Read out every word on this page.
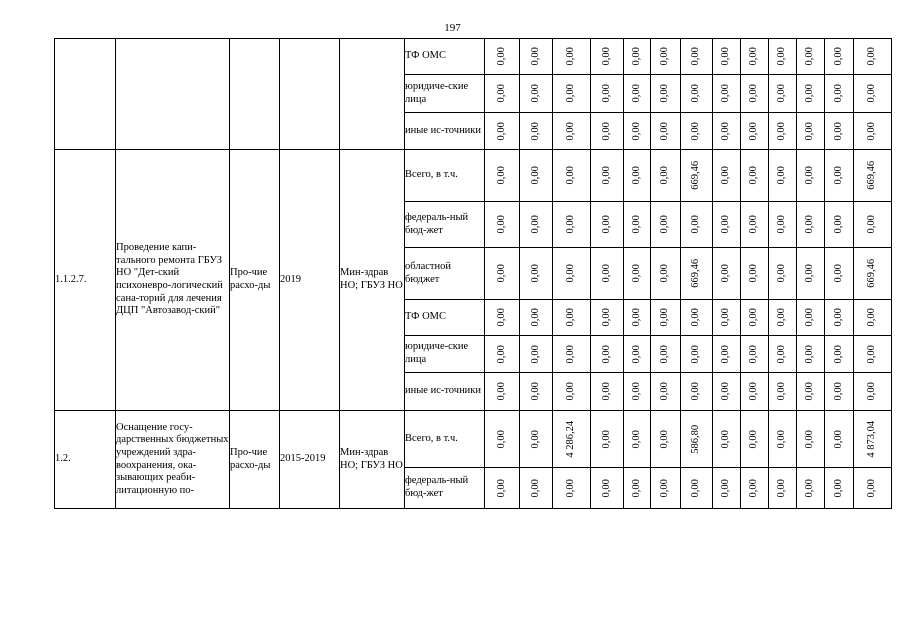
197
					ТФ ОМС	0,00	0,00	0,00	0,00	0,00	0,00	0,00	0,00	0,00	0,00	0,00	0,00	0,00
					юридиче-ские лица	0,00	0,00	0,00	0,00	0,00	0,00	0,00	0,00	0,00	0,00	0,00	0,00	0,00
					иные ис-точники	0,00	0,00	0,00	0,00	0,00	0,00	0,00	0,00	0,00	0,00	0,00	0,00	0,00
1.1.2.7.	Проведение капи-тального ремонта ГБУЗ НО "Дет-ский психоневро-логический сана-торий для лечения ДЦП "Автозавод-ский"	Про-чие расхо-ды	2019	Мин-здрав НО; ГБУЗ НО	Всего, в т.ч.	0,00	0,00	0,00	0,00	0,00	0,00	669,46	0,00	0,00	0,00	0,00	0,00	669,46
					федераль-ный бюд-жет	0,00	0,00	0,00	0,00	0,00	0,00	0,00	0,00	0,00	0,00	0,00	0,00	0,00
					областной бюджет	0,00	0,00	0,00	0,00	0,00	0,00	669,46	0,00	0,00	0,00	0,00	0,00	669,46
					ТФ ОМС	0,00	0,00	0,00	0,00	0,00	0,00	0,00	0,00	0,00	0,00	0,00	0,00	0,00
					юридиче-ские лица	0,00	0,00	0,00	0,00	0,00	0,00	0,00	0,00	0,00	0,00	0,00	0,00	0,00
					иные ис-точники	0,00	0,00	0,00	0,00	0,00	0,00	0,00	0,00	0,00	0,00	0,00	0,00	0,00
1.2.	Оснащение госу-дарственных бюджетных учреждений здра-воохранения, ока-зывающих реаби-литационную по-	Про-чие расхо-ды	2015-2019	Мин-здрав НО; ГБУЗ НО	Всего, в т.ч.	0,00	0,00	4 286,24	0,00	0,00	0,00	586,80	0,00	0,00	0,00	0,00	0,00	4 873,04
					федераль-ный бюд-жет	0,00	0,00	0,00	0,00	0,00	0,00	0,00	0,00	0,00	0,00	0,00	0,00	0,00
